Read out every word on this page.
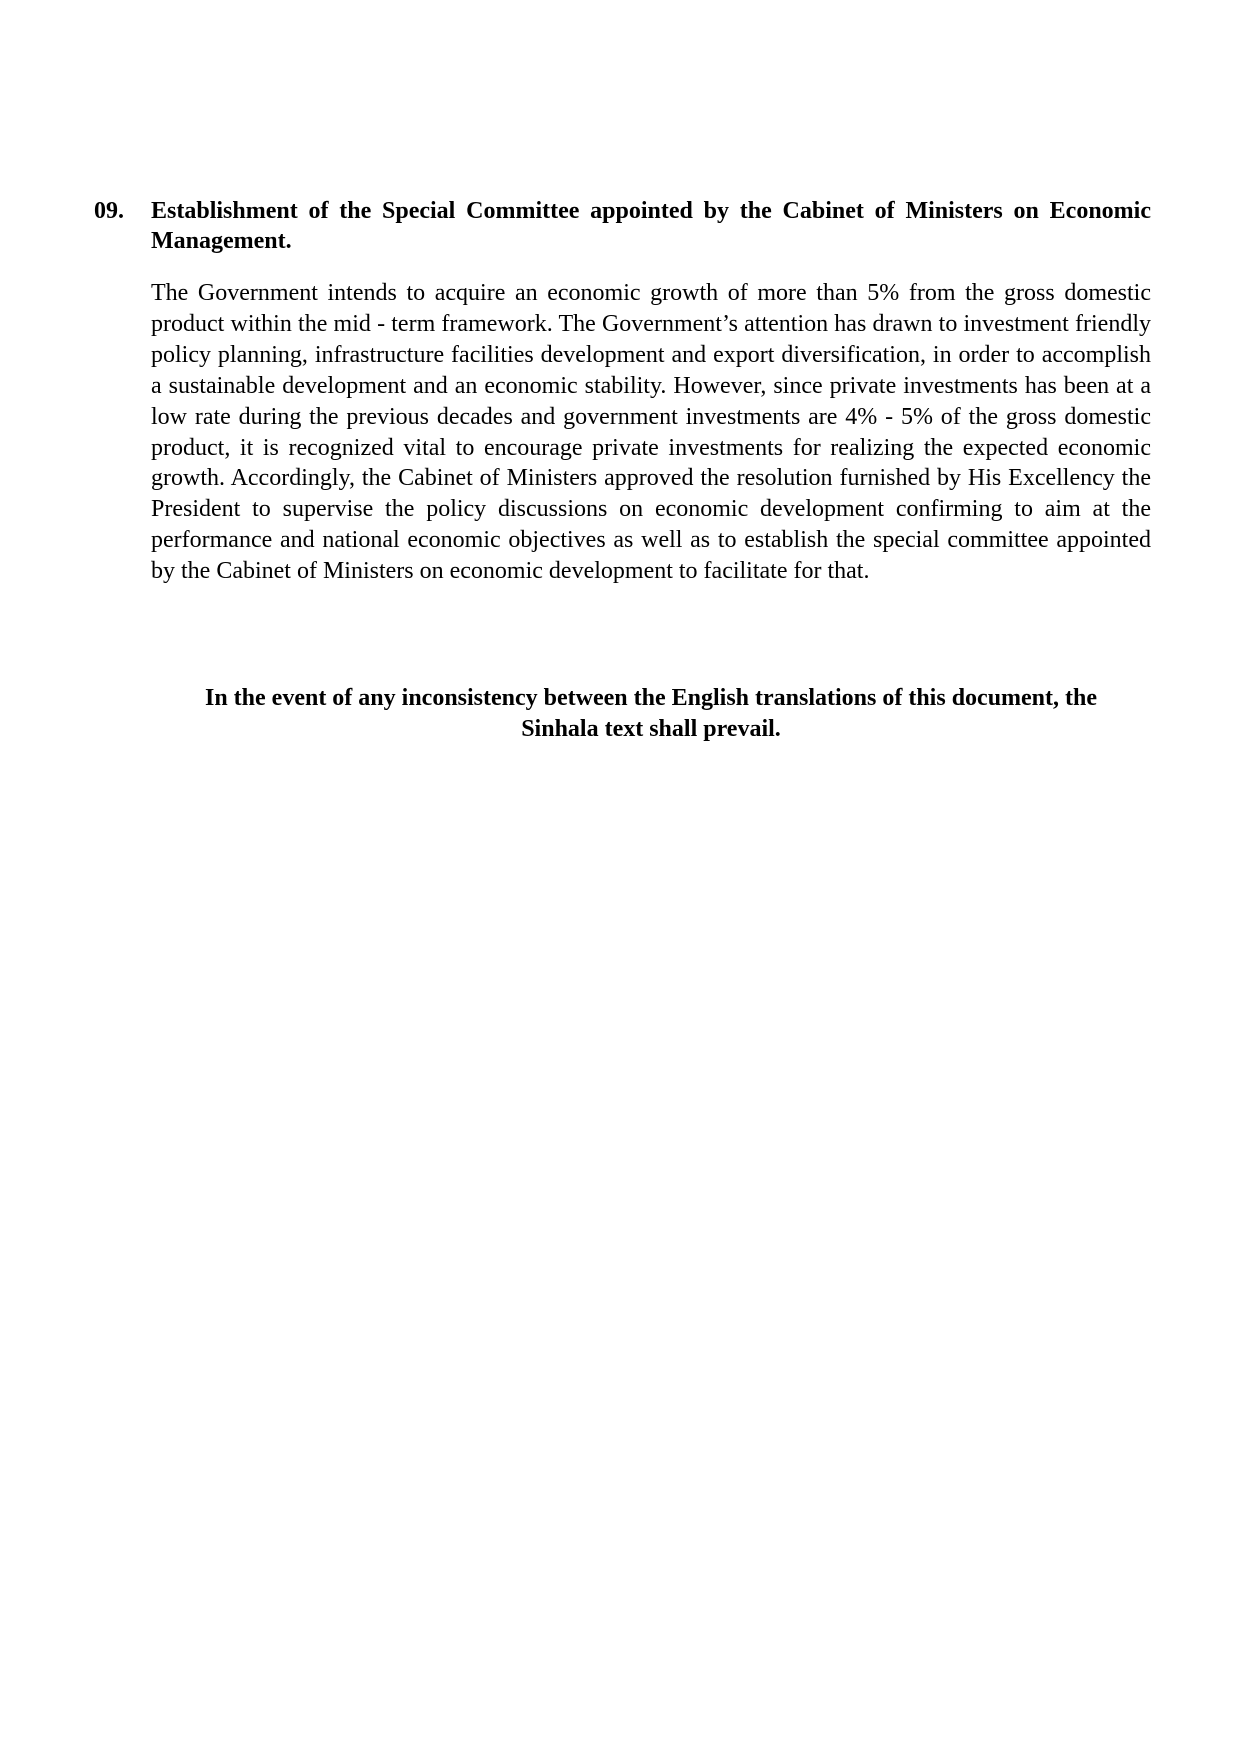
09. Establishment of the Special Committee appointed by the Cabinet of Ministers on Economic Management.
The Government intends to acquire an economic growth of more than 5% from the gross domestic product within the mid - term framework. The Government’s attention has drawn to investment friendly policy planning, infrastructure facilities development and export diversification, in order to accomplish a sustainable development and an economic stability. However, since private investments has been at a low rate during the previous decades and government investments are 4% - 5% of the gross domestic product, it is recognized vital to encourage private investments for realizing the expected economic growth. Accordingly, the Cabinet of Ministers approved the resolution furnished by His Excellency the President to supervise the policy discussions on economic development confirming to aim at the performance and national economic objectives as well as to establish the special committee appointed by the Cabinet of Ministers on economic development to facilitate for that.
In the event of any inconsistency between the English translations of this document, the
Sinhala text shall prevail.
